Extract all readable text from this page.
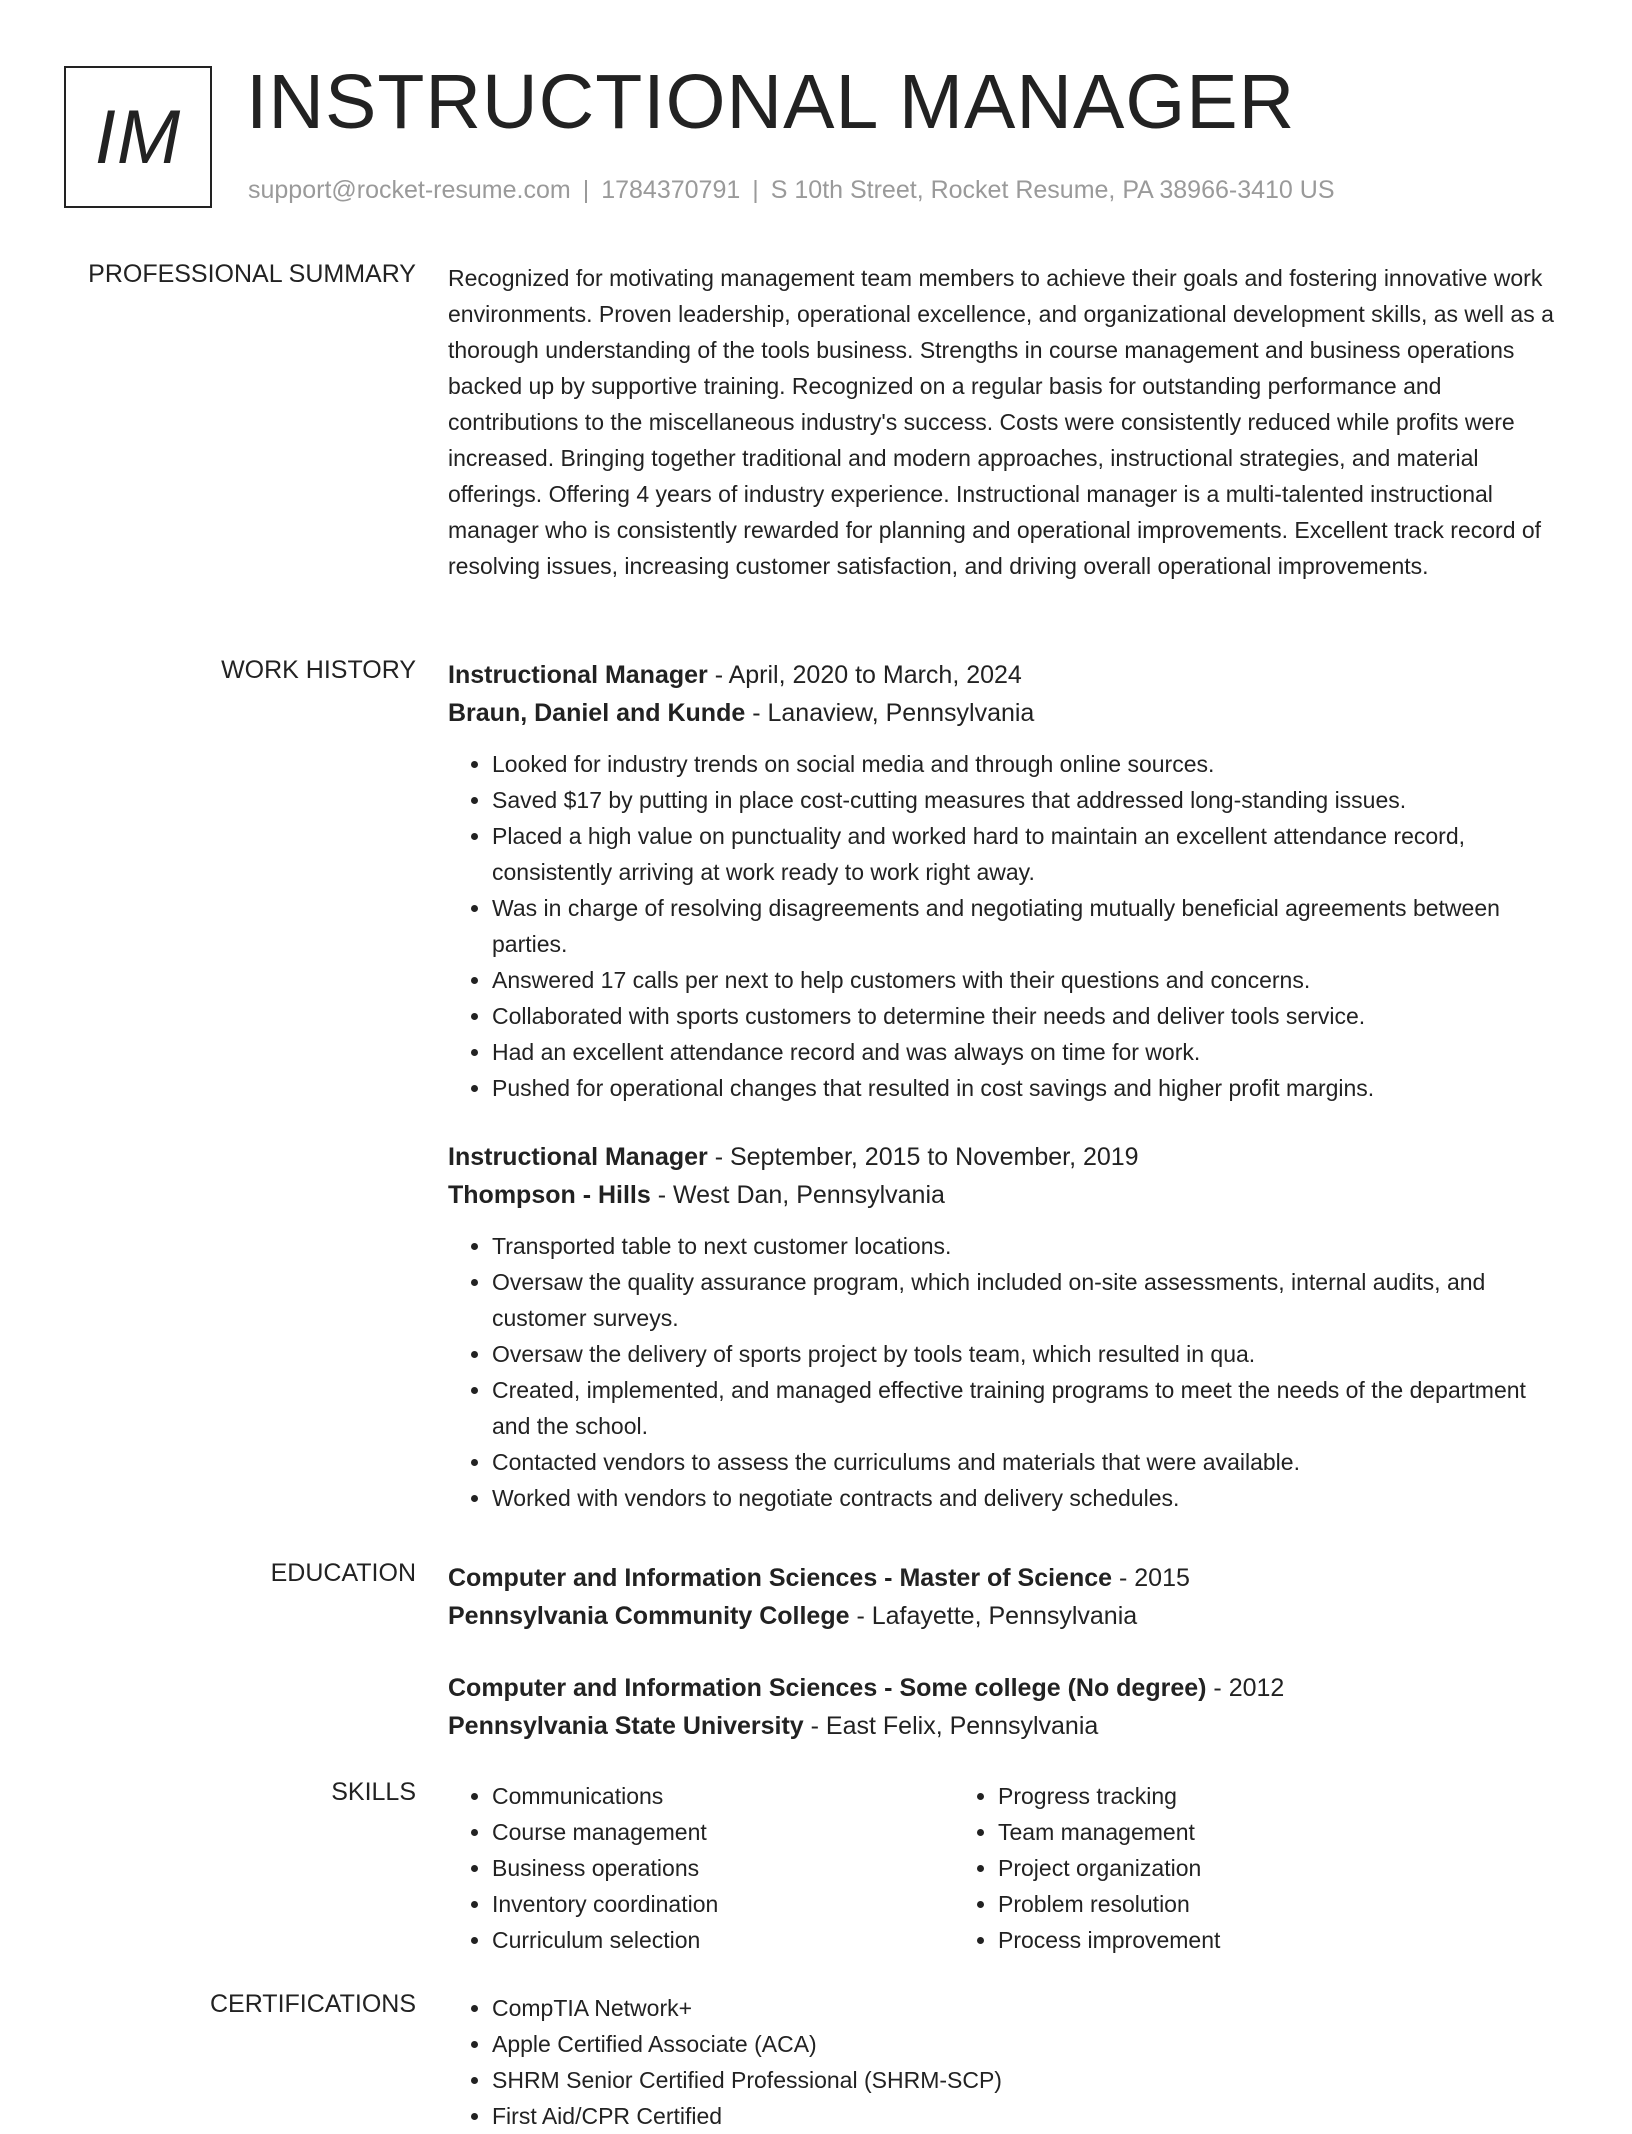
IM INSTRUCTIONAL MANAGER
support@rocket-resume.com | 1784370791 | S 10th Street, Rocket Resume, PA 38966-3410 US
PROFESSIONAL SUMMARY Recognized for motivating management team members to achieve their goals and fostering innovative work environments. Proven leadership, operational excellence, and organizational development skills, as well as a thorough understanding of the tools business. Strengths in course management and business operations backed up by supportive training. Recognized on a regular basis for outstanding performance and contributions to the miscellaneous industry's success. Costs were consistently reduced while profits were increased. Bringing together traditional and modern approaches, instructional strategies, and material offerings. Offering 4 years of industry experience. Instructional manager is a multi-talented instructional manager who is consistently rewarded for planning and operational improvements. Excellent track record of resolving issues, increasing customer satisfaction, and driving overall operational improvements.

WORK HISTORY Instructional Manager - April, 2020 to March, 2024
Braun, Daniel and Kunde - Lanaview, Pennsylvania
• Looked for industry trends on social media and through online sources.
• Saved $17 by putting in place cost-cutting measures that addressed long-standing issues.
• Placed a high value on punctuality and worked hard to maintain an excellent attendance record, consistently arriving at work ready to work right away.
• Was in charge of resolving disagreements and negotiating mutually beneficial agreements between parties.
• Answered 17 calls per next to help customers with their questions and concerns.
• Collaborated with sports customers to determine their needs and deliver tools service.
• Had an excellent attendance record and was always on time for work.
• Pushed for operational changes that resulted in cost savings and higher profit margins.
Instructional Manager - September, 2015 to November, 2019
Thompson - Hills - West Dan, Pennsylvania
• Transported table to next customer locations.
• Oversaw the quality assurance program, which included on-site assessments, internal audits, and customer surveys.
• Oversaw the delivery of sports project by tools team, which resulted in qua.
• Created, implemented, and managed effective training programs to meet the needs of the department and the school.
• Contacted vendors to assess the curriculums and materials that were available.
• Worked with vendors to negotiate contracts and delivery schedules.
EDUCATION Computer and Information Sciences - Master of Science - 2015
Pennsylvania Community College - Lafayette, Pennsylvania
Computer and Information Sciences - Some college (No degree) - 2012
Pennsylvania State University - East Felix, Pennsylvania
SKILLS	• Communications
• Course management
• Business operations
• Inventory coordination
• Curriculum selection
• Progress tracking
• Team management
• Project organization
• Problem resolution
• Process improvement
CERTIFICATIONS	• CompTIA Network+
• Apple Certified Associate (ACA)
• SHRM Senior Certified Professional (SHRM-SCP)
• First Aid/CPR Certified
